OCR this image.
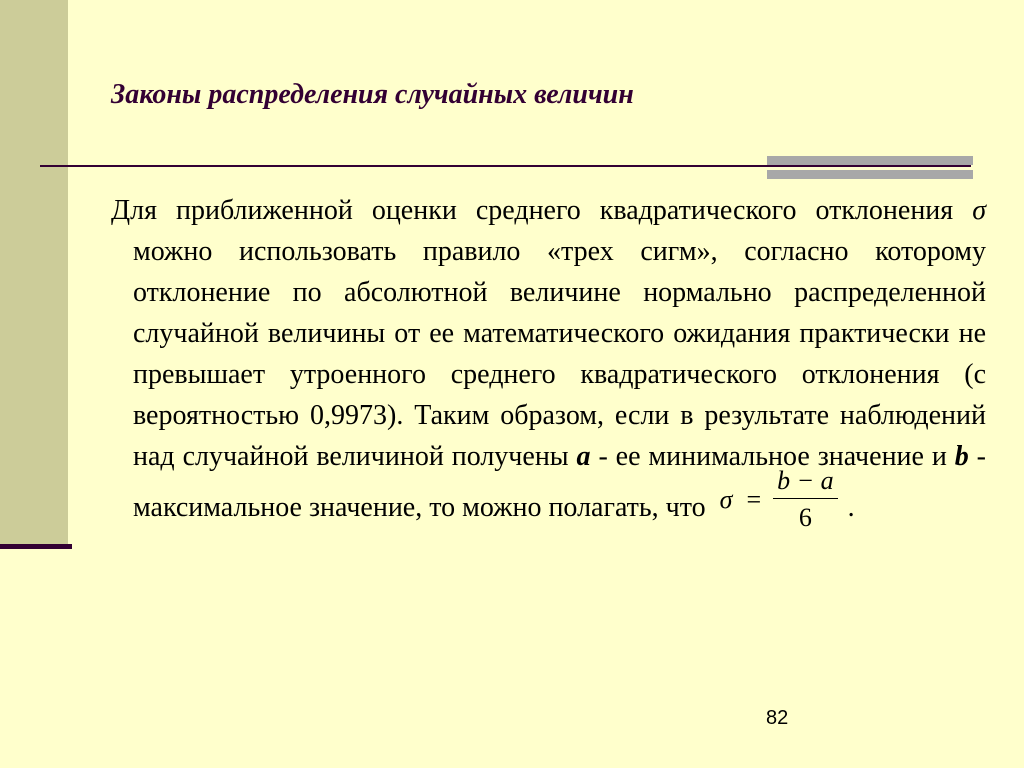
Законы распределения случайных величин

Для приближенной оценки среднего квадратического отклонения σ можно использовать правило «трех сигм», согласно которому отклонение по абсолютной величине нормально распределенной случайной величины от ее математического ожидания практически не превышает утроенного среднего квадратического отклонения (с вероятностью 0,9973). Таким образом, если в результате наблюдений над случайной величиной получены a - ее минимальное значение и b - максимальное значение, то можно полагать, что $\sigma = \frac{b - a}{6}$ .

82
